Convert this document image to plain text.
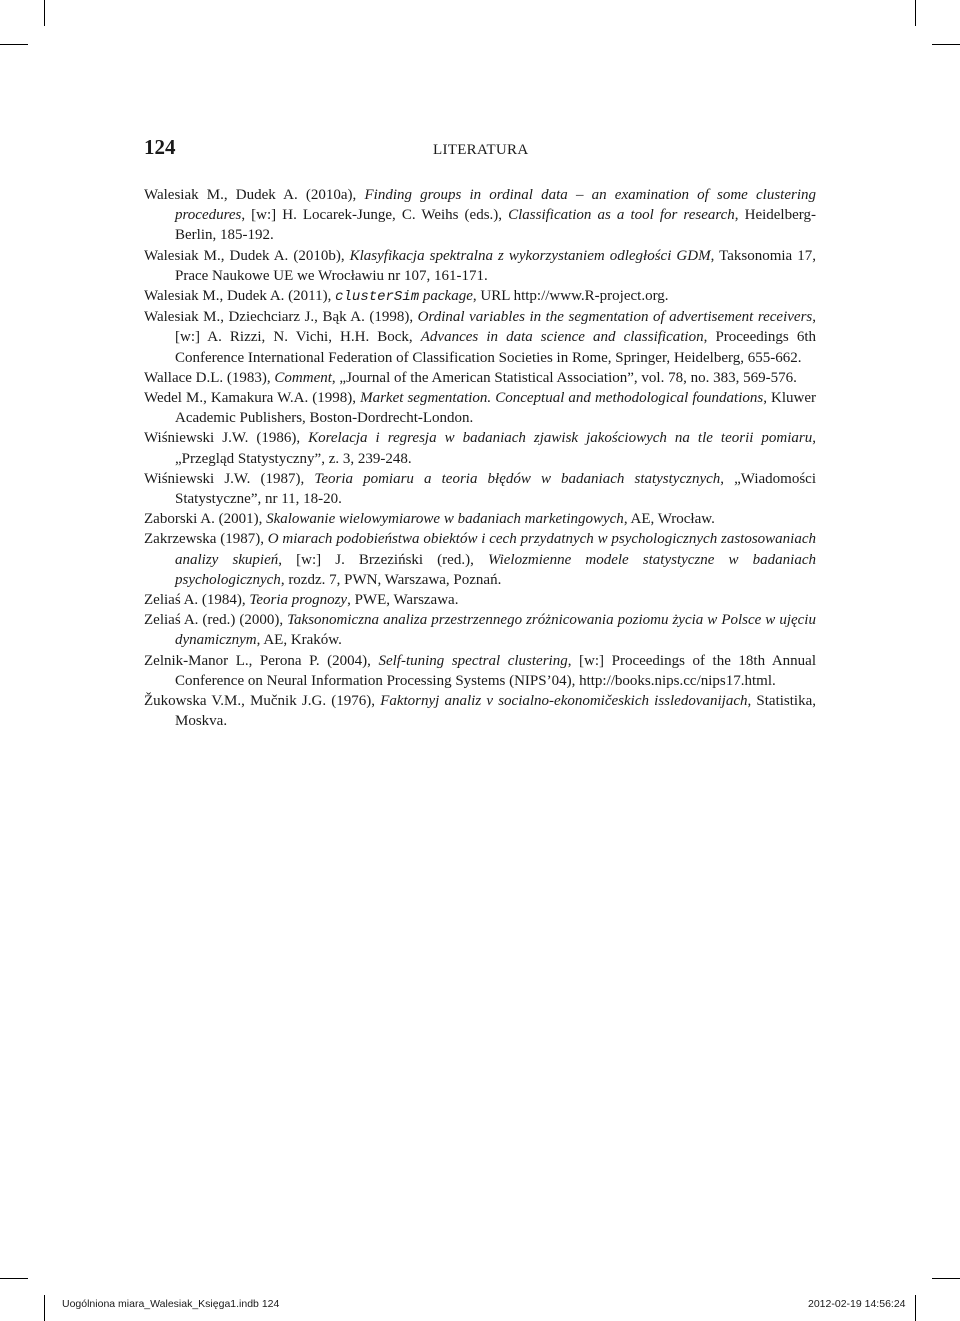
124	LITERATURA

Walesiak M., Dudek A. (2010a), Finding groups in ordinal data – an examination of some clustering procedures, [w:] H. Locarek-Junge, C. Weihs (eds.), Classification as a tool for research, Heidelberg-Berlin, 185-192.

Walesiak M., Dudek A. (2010b), Klasyfikacja spektralna z wykorzystaniem odległości GDM, Taksonomia 17, Prace Naukowe UE we Wrocławiu nr 107, 161-171.

Walesiak M., Dudek A. (2011), clusterSim package, URL http://www.R-project.org.

Walesiak M., Dziechciarz J., Bąk A. (1998), Ordinal variables in the segmentation of advertisement receivers, [w:] A. Rizzi, N. Vichi, H.H. Bock, Advances in data science and classification, Proceedings 6th Conference International Federation of Classification Societies in Rome, Springer, Heidelberg, 655-662.

Wallace D.L. (1983), Comment, „Journal of the American Statistical Association”, vol. 78, no. 383, 569-576.

Wedel M., Kamakura W.A. (1998), Market segmentation. Conceptual and methodological foundations, Kluwer Academic Publishers, Boston-Dordrecht-London.

Wiśniewski J.W. (1986), Korelacja i regresja w badaniach zjawisk jakościowych na tle teorii pomiaru, „Przegląd Statystyczny”, z. 3, 239-248.

Wiśniewski J.W. (1987), Teoria pomiaru a teoria błędów w badaniach statystycznych, „Wiadomości Statystyczne”, nr 11, 18-20.

Zaborski A. (2001), Skalowanie wielowymiarowe w badaniach marketingowych, AE, Wrocław.

Zakrzewska (1987), O miarach podobieństwa obiektów i cech przydatnych w psychologicznych zastosowaniach analizy skupień, [w:] J. Brzeziński (red.), Wielozmienne modele statystyczne w badaniach psychologicznych, rozdz. 7, PWN, Warszawa, Poznań.

Zeliaś A. (1984), Teoria prognozy, PWE, Warszawa.

Zeliaś A. (red.) (2000), Taksonomiczna analiza przestrzennego zróżnicowania poziomu życia w Polsce w ujęciu dynamicznym, AE, Kraków.

Zelnik-Manor L., Perona P. (2004), Self-tuning spectral clustering, [w:] Proceedings of the 18th Annual Conference on Neural Information Processing Systems (NIPS’04), http://books.nips.cc/nips17.html.

Žukowska V.M., Mučnik J.G. (1976), Faktornyj analiz v socialno-ekonomičeskich issledovanijach, Statistika, Moskva.

Uogólniona miara_Walesiak_Księga1.indb 124	2012-02-19 14:56:24
